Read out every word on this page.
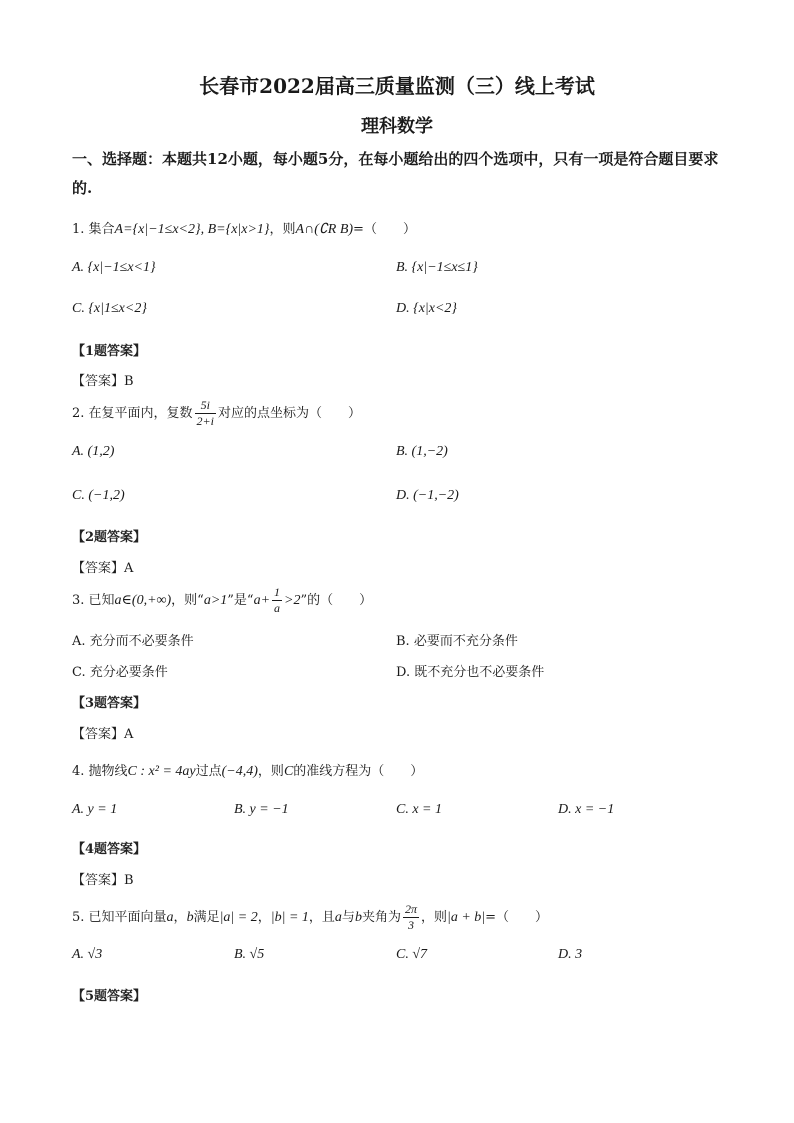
长春市2022届高三质量监测（三）线上考试
理科数学
一、选择题：本题共12小题，每小题5分，在每小题给出的四个选项中，只有一项是符合题目要求的.
1. 集合A={x|−1≤x<2}, B={x|x>1}，则A∩(∁R B)=（　　）
A. {x|−1≤x<1}	B. {x|−1≤x≤1}
C. {x|1≤x<2}	D. {x|x<2}
【1题答案】
【答案】B
2. 在复平面内，复数 $\frac{5i}{2+i}$ 对应的点坐标为（　　）
A. (1,2)	B. (1,−2)
C. (−1,2)	D. (−1,−2)
【2题答案】
【答案】A
3. 已知a∈(0,+∞)，则“a>1”是“$a+ \frac{1}{a} >2$”的（　　）
A. 充分而不必要条件	B. 必要而不充分条件
C. 充分必要条件	D. 既不充分也不必要条件
【3题答案】
【答案】A
4. 抛物线C : x² = 4ay过点(−4,4)，则C的准线方程为（　　）
A. y = 1	B. y = −1	C. x = 1	D. x = −1
【4题答案】
【答案】B
5. 已知平面向量a，b满足|a| = 2，|b| = 1，且a与b夹角为 $\frac{2\pi}{3}$ ，则|a + b|=（　　）
A. √3	B. √5	C. √7	D. 3
【5题答案】
